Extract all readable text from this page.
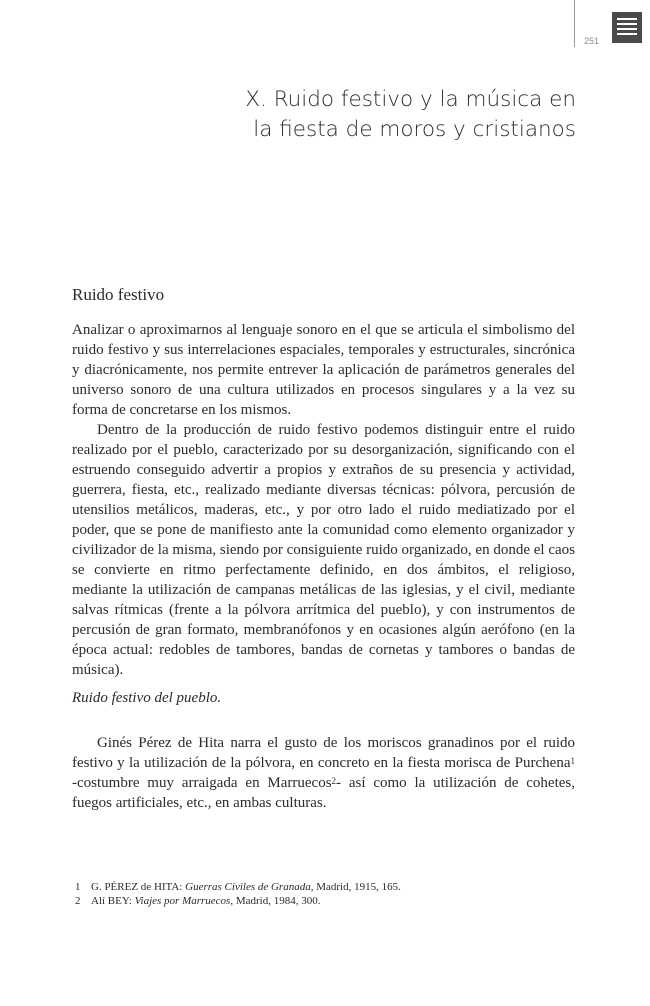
251
X. Ruido festivo y la música en
la fiesta de moros y cristianos
Ruido festivo

Analizar o aproximarnos al lenguaje sonoro en el que se articula el simbolismo del ruido festivo y sus interrelaciones espaciales, temporales y estructurales, sincrónica y diacrónicamente, nos permite entrever la aplicación de parámetros generales del universo sonoro de una cultura utilizados en procesos singulares y a la vez su forma de concretarse en los mismos.

Dentro de la producción de ruido festivo podemos distinguir entre el ruido realizado por el pueblo, caracterizado por su desorganización, significando con el estruendo conseguido advertir a propios y extraños de su presencia y actividad, guerrera, fiesta, etc., realizado mediante diversas técnicas: pólvora, percusión de utensilios metálicos, maderas, etc., y por otro lado el ruido mediatizado por el poder, que se pone de manifiesto ante la comunidad como elemento organizador y civilizador de la misma, siendo por consiguiente ruido organizado, en donde el caos se convierte en ritmo perfectamente definido, en dos ámbitos, el religioso, mediante la utilización de campanas metálicas de las iglesias, y el civil, mediante salvas rítmicas (frente a la pólvora arrítmica del pueblo), y con instrumentos de percusión de gran formato, membranófonos y en ocasiones algún aerófono (en la época actual: redobles de tambores, bandas de cornetas y tambores o bandas de música).

Ruido festivo del pueblo.

Ginés Pérez de Hita narra el gusto de los moriscos granadinos por el ruido festivo y la utilización de la pólvora, en concreto en la fiesta morisca de Purchena$^1$ -costumbre muy arraigada en Marruecos$^2$- así como la utilización de cohetes, fuegos artificiales, etc., en ambas culturas.

1 G. PÉREZ de HITA: Guerras Civiles de Granada, Madrid, 1915, 165.
2 Alí BEY: Viajes por Marruecos, Madrid, 1984, 300.
